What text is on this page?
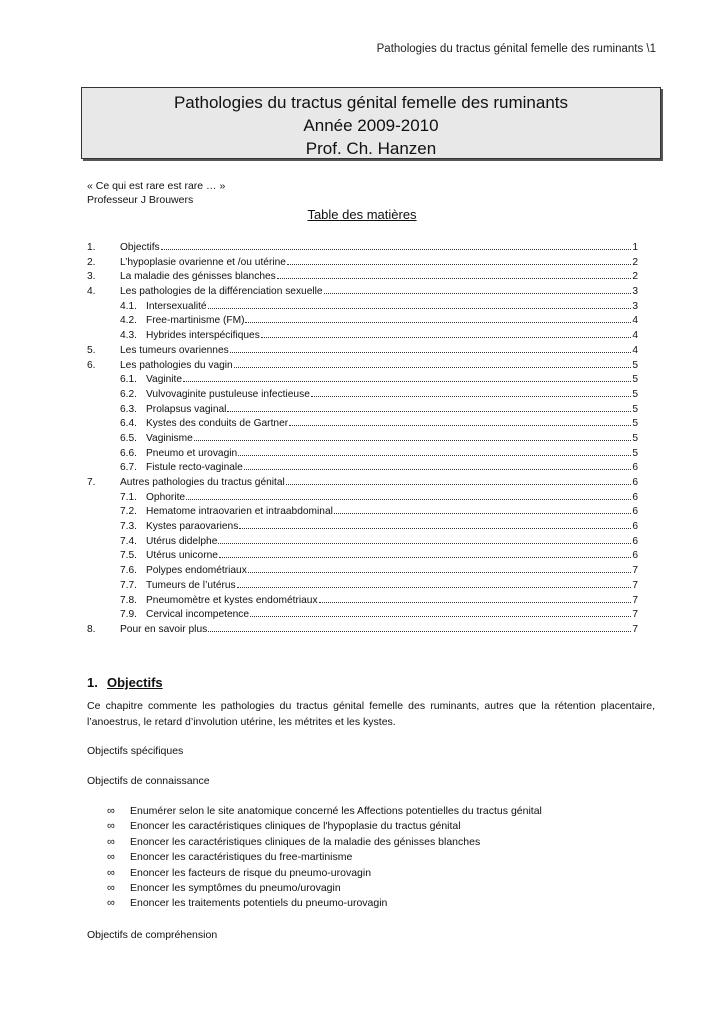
Pathologies du tractus génital femelle des ruminants \1
Pathologies du tractus génital femelle des ruminants
Année 2009-2010
Prof. Ch. Hanzen
« Ce qui est rare est rare … »
Professeur J Brouwers
Table des matières
1.	Objectifs	1
2.	L’hypoplasie ovarienne et /ou utérine	2
3.	La maladie des génisses blanches	2
4.	Les pathologies de la différenciation sexuelle	3
4.1. Intersexualité	3
4.2. Free-martinisme (FM)	4
4.3. Hybrides interspécifiques	4
5.	Les tumeurs ovariennes	4
6.	Les pathologies du vagin	5
6.1. Vaginite	5
6.2. Vulvovaginite pustuleuse infectieuse	5
6.3. Prolapsus vaginal	5
6.4. Kystes des conduits de Gartner	5
6.5. Vaginisme	5
6.6. Pneumo et urovagin	5
6.7. Fistule recto-vaginale	6
7.	Autres pathologies du tractus génital	6
7.1. Ophorite	6
7.2. Hematome intraovarien et intraabdominal	6
7.3. Kystes paraovariens	6
7.4. Utérus didelphe	6
7.5. Utérus unicorne	6
7.6. Polypes endométriaux	7
7.7. Tumeurs de l’utérus	7
7.8. Pneumomètre et kystes endométriaux	7
7.9. Cervical incompetence	7
8.	Pour en savoir plus	7
1. Objectifs
Ce chapitre commente les pathologies du tractus génital femelle des ruminants, autres que la rétention placentaire, l’anoestrus, le retard d’involution utérine, les métrites et les kystes.
Objectifs spécifiques
Objectifs de connaissance
∞	Enumérer selon le site anatomique concerné les Affections potentielles du tractus génital
∞	Enoncer les caractéristiques cliniques de l'hypoplasie du tractus génital
∞	Enoncer les caractéristiques cliniques de la maladie des génisses blanches
∞	Enoncer les caractéristiques du free-martinisme
∞	Enoncer les facteurs de risque du pneumo-urovagin
∞	Enoncer les symptômes du pneumo/urovagin
∞	Enoncer les traitements potentiels du pneumo-urovagin
Objectifs de compréhension
